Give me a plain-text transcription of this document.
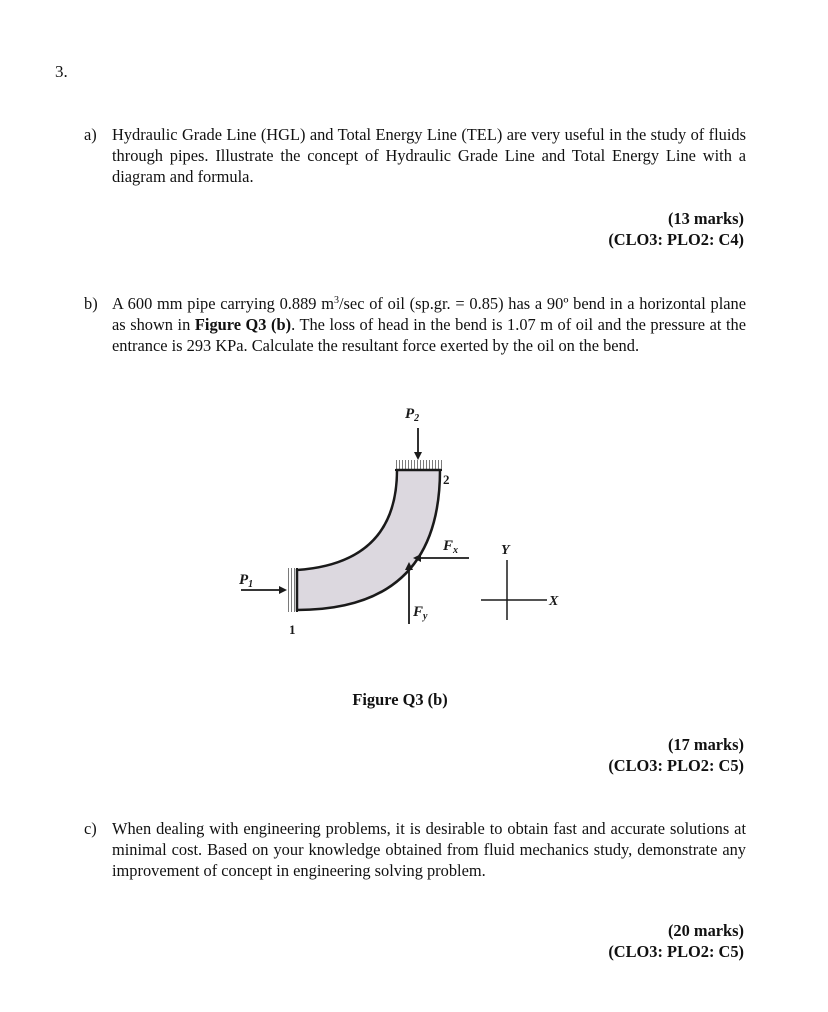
3.
a) Hydraulic Grade Line (HGL) and Total Energy Line (TEL) are very useful in the study of fluids through pipes. Illustrate the concept of Hydraulic Grade Line and Total Energy Line with a diagram and formula.
(13 marks)
(CLO3: PLO2: C4)
b) A 600 mm pipe carrying 0.889 $m^3/\sec$ of oil (sp.gr. = 0.85) has a 90º bend in a horizontal plane as shown in Figure Q3 (b). The loss of head in the bend is 1.07 m of oil and the pressure at the entrance is 293 KPa. Calculate the resultant force exerted by the oil on the bend.
$P_1$
$P_2$
1
2
$F_x$
$F_y$
Y
X
Figure Q3 (b)
(17 marks)
(CLO3: PLO2: C5)
c) When dealing with engineering problems, it is desirable to obtain fast and accurate solutions at minimal cost. Based on your knowledge obtained from fluid mechanics study, demonstrate any improvement of concept in engineering solving problem.
(20 marks)
(CLO3: PLO2: C5)
